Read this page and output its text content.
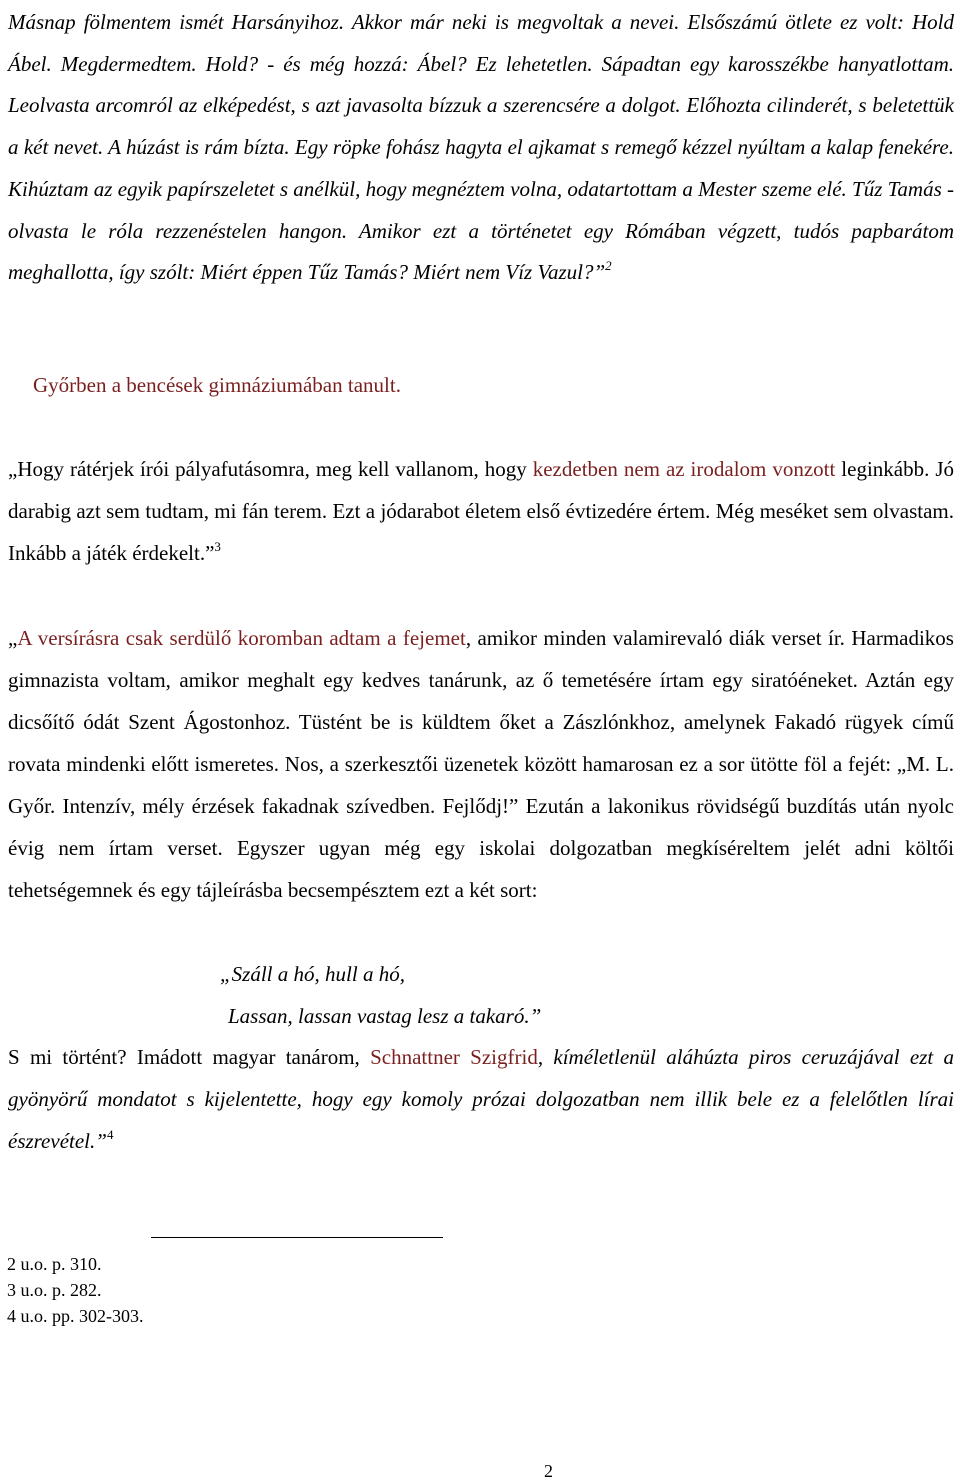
Másnap fölmentem ismét Harsányihoz. Akkor már neki is megvoltak a nevei. Elsőszámú ötlete ez volt: Hold Ábel. Megdermedtem. Hold? - és még hozzá: Ábel? Ez lehetetlen. Sápadtan egy karosszékbe hanyatlottam. Leolvasta arcomról az elképedést, s azt javasolta bízzuk a szerencsére a dolgot. Előhozta cilinderét, s beletettük a két nevet. A húzást is rám bízta. Egy röpke fohász hagyta el ajkamat s remegő kézzel nyúltam a kalap fenekére. Kihúztam az egyik papírszeletet s anélkül, hogy megnéztem volna, odatartottam a Mester szeme elé. Tűz Tamás - olvasta le róla rezzenéstelen hangon. Amikor ezt a történetet egy Rómában végzett, tudós papbarátom meghallotta, így szólt: Miért éppen Tűz Tamás? Miért nem Víz Vazul?”$^2$

Győrben a bencések gimnáziumában tanult.

„Hogy rátérjek írói pályafutásomra, meg kell vallanom, hogy kezdetben nem az irodalom vonzott leginkább. Jó darabig azt sem tudtam, mi fán terem. Ezt a jódarabot életem első évtizedére értem. Még meséket sem olvastam. Inkább a játék érdekelt.”$^3$

„A versírásra csak serdülő koromban adtam a fejemet, amikor minden valamirevaló diák verset ír. Harmadikos gimnazista voltam, amikor meghalt egy kedves tanárunk, az ő temetésére írtam egy siratóéneket. Aztán egy dicsőítő ódát Szent Ágostonhoz. Tüstént be is küldtem őket a Zászlónkhoz, amelynek Fakadó rügyek című rovata mindenki előtt ismeretes. Nos, a szerkesztői üzenetek között hamarosan ez a sor ütötte föl a fejét: „M. L. Győr. Intenzív, mély érzések fakadnak szívedben. Fejlődj!” Ezután a lakonikus rövidségű buzdítás után nyolc évig nem írtam verset. Egyszer ugyan még egy iskolai dolgozatban megkíséreltem jelét adni költői tehetségemnek és egy tájleírásba becsempésztem ezt a két sort:

„Száll a hó, hull a hó,
Lassan, lassan vastag lesz a takaró.”

S mi történt? Imádott magyar tanárom, Schnattner Szigfrid, kíméletlenül aláhúzta piros ceruzájával ezt a gyönyörű mondatot s kijelentette, hogy egy komoly prózai dolgozatban nem illik bele ez a felelőtlen lírai észrevétel.”$^4$

2 u.o. p. 310.
3 u.o. p. 282.
4 u.o. pp. 302-303.
2
